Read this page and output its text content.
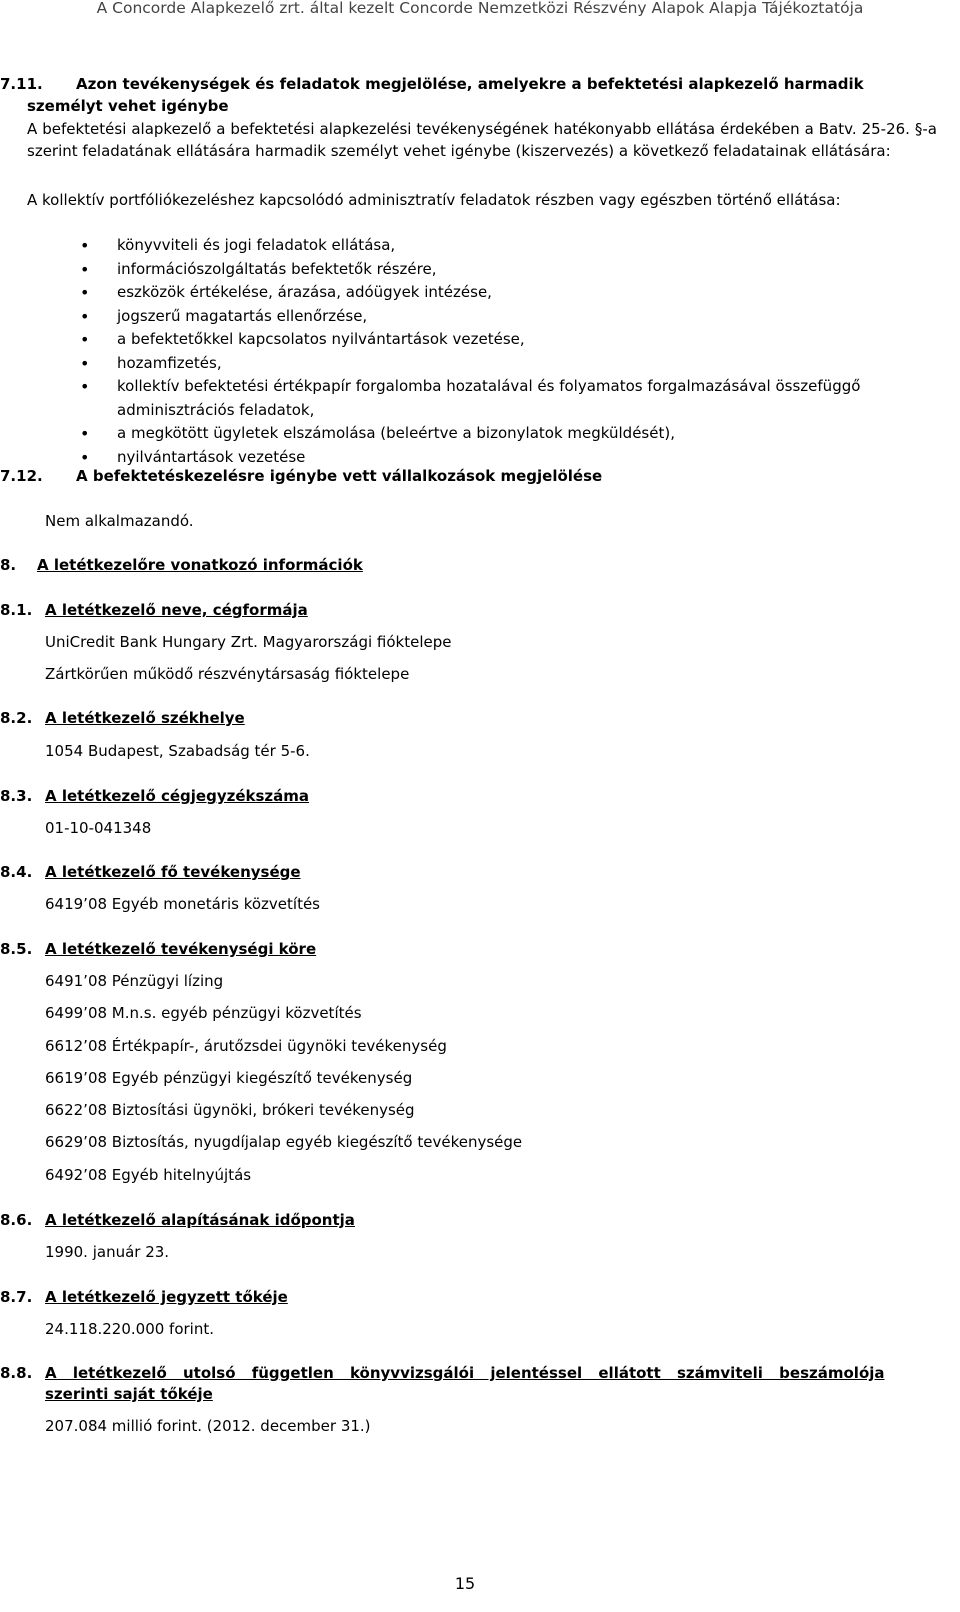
A Concorde Alapkezelő zrt. által kezelt Concorde Nemzetközi Részvény Alapok Alapja Tájékoztatója
7.11. Azon tevékenységek és feladatok megjelölése, amelyekre a befektetési alapkezelő harmadik
személyt vehet igénybe
A befektetési alapkezelő a befektetési alapkezelési tevékenységének hatékonyabb ellátása érdekében a Batv. 25-26. §-a szerint feladatának ellátására harmadik személyt vehet igénybe (kiszervezés) a következő feladatainak ellátására:
A kollektív portfóliókezeléshez kapcsolódó adminisztratív feladatok részben vagy egészben történő ellátása:
• könyvviteli és jogi feladatok ellátása,
• információszolgáltatás befektetők részére,
• eszközök értékelése, árazása, adóügyek intézése,
• jogszerű magatartás ellenőrzése,
• a befektetőkkel kapcsolatos nyilvántartások vezetése,
• hozamfizetés,
• kollektív befektetési értékpapír forgalomba hozatalával és folyamatos forgalmazásával összefüggő adminisztrációs feladatok,
• a megkötött ügyletek elszámolása (beleértve a bizonylatok megküldését),
• nyilvántartások vezetése
7.12. A befektetéskezelésre igénybe vett vállalkozások megjelölése
Nem alkalmazandó.
8. A letétkezelőre vonatkozó információk
8.1. A letétkezelő neve, cégformája
UniCredit Bank Hungary Zrt. Magyarországi fióktelepe
Zártkörűen működő részvénytársaság fióktelepe
8.2. A letétkezelő székhelye
1054 Budapest, Szabadság tér 5-6.
8.3. A letétkezelő cégjegyzékszáma
01-10-041348
8.4. A letétkezelő fő tevékenysége
6419’08 Egyéb monetáris közvetítés
8.5. A letétkezelő tevékenységi köre
6491’08 Pénzügyi lízing
6499’08 M.n.s. egyéb pénzügyi közvetítés
6612’08 Értékpapír-, árutőzsdei ügynöki tevékenység
6619’08 Egyéb pénzügyi kiegészítő tevékenység
6622’08 Biztosítási ügynöki, brókeri tevékenység
6629’08 Biztosítás, nyugdíjalap egyéb kiegészítő tevékenysége
6492’08 Egyéb hitelnyújtás
8.6. A letétkezelő alapításának időpontja
1990. január 23.
8.7. A letétkezelő jegyzett tőkéje
24.118.220.000 forint.
8.8. A letétkezelő utolsó független könyvvizsgálói jelentéssel ellátott számviteli beszámolója
szerinti saját tőkéje
207.084 millió forint. (2012. december 31.)
15
